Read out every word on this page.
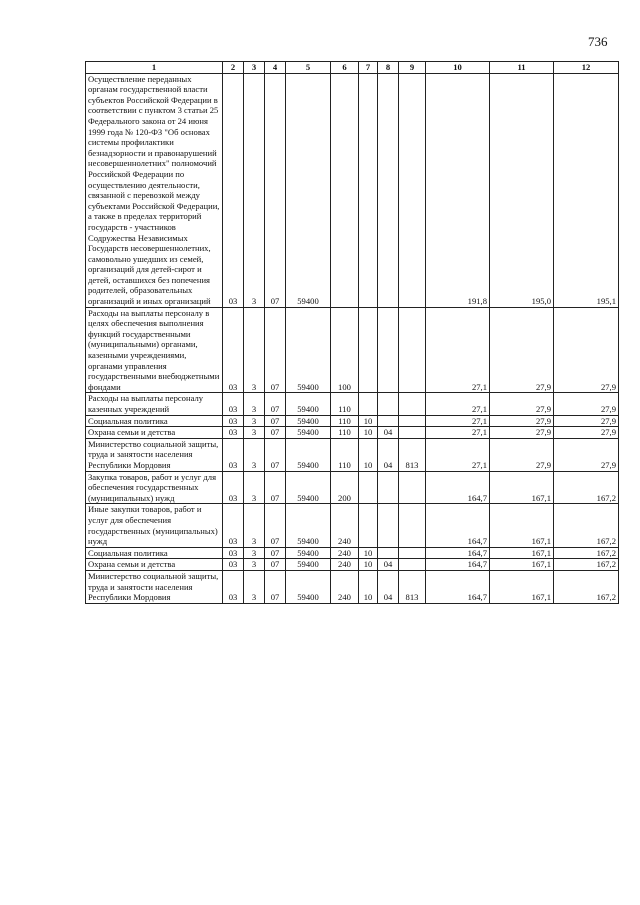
736
1	2	3	4	5	6	7	8	9	10	11	12
Осуществление переданных органам государственной власти субъектов Российской Федерации в соответствии с пунктом 3 статьи 25 Федерального закона от 24 июня 1999 года № 120-ФЗ "Об основах системы профилактики безнадзорности и правонарушений несовершеннолетних" полномочий Российской Федерации по осуществлению деятельности, связанной с перевозкой между субъектами Российской Федерации, а также в пределах территорий государств - участников Содружества Независимых Государств несовершеннолетних, самовольно ушедших из семей, организаций для детей-сирот и детей, оставшихся без попечения родителей, образовательных организаций и иных организаций	03	3	07	59400					191,8	195,0	195,1
Расходы на выплаты персоналу в целях обеспечения выполнения функций государственными (муниципальными) органами, казенными учреждениями, органами управления государственными внебюджетными фондами	03	3	07	59400	100				27,1	27,9	27,9
Расходы на выплаты персоналу казенных учреждений	03	3	07	59400	110				27,1	27,9	27,9
Социальная политика	03	3	07	59400	110	10			27,1	27,9	27,9
Охрана семьи и детства	03	3	07	59400	110	10	04		27,1	27,9	27,9
Министерство социальной защиты, труда и занятости населения Республики Мордовия	03	3	07	59400	110	10	04	813	27,1	27,9	27,9
Закупка товаров, работ и услуг для обеспечения государственных (муниципальных) нужд	03	3	07	59400	200				164,7	167,1	167,2
Иные закупки товаров, работ и услуг для обеспечения государственных (муниципальных) нужд	03	3	07	59400	240				164,7	167,1	167,2
Социальная политика	03	3	07	59400	240	10			164,7	167,1	167,2
Охрана семьи и детства	03	3	07	59400	240	10	04		164,7	167,1	167,2
Министерство социальной защиты, труда и занятости населения Республики Мордовия	03	3	07	59400	240	10	04	813	164,7	167,1	167,2
